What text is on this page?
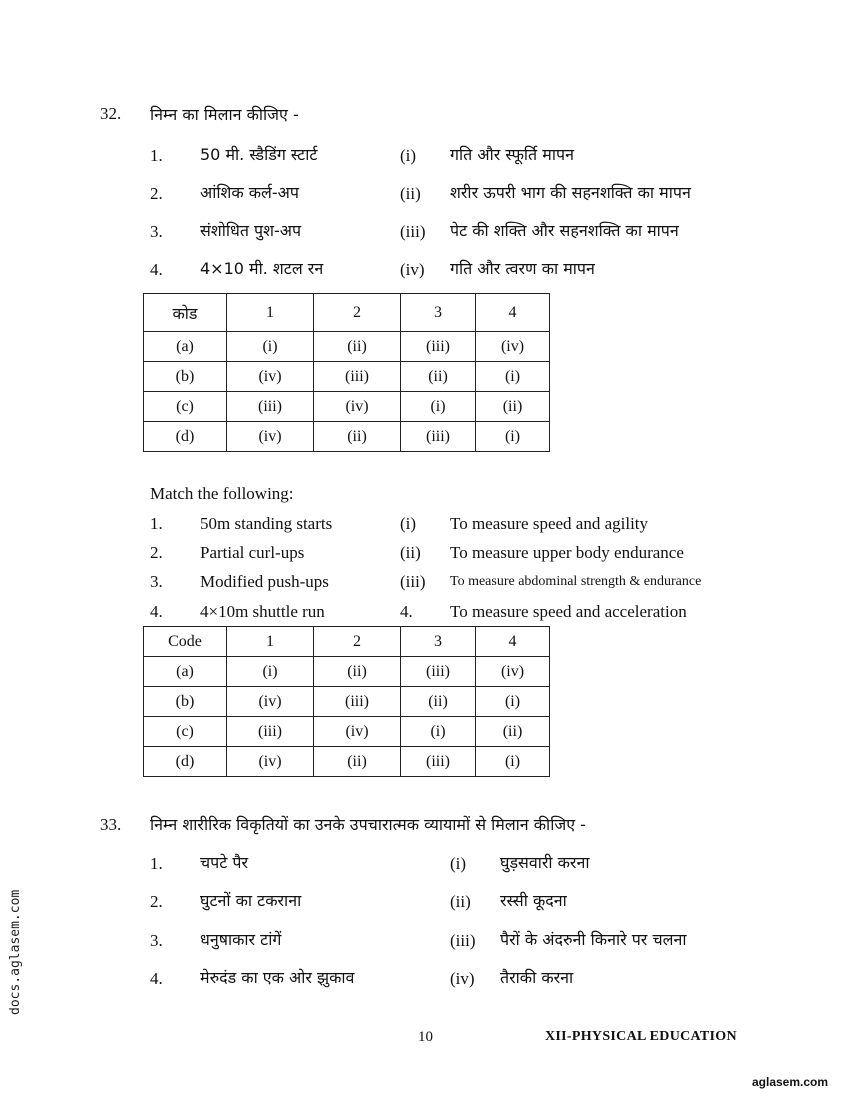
32. निम्न का मिलान कीजिए -
1. 50 मी. स्डैडिंग स्टार्ट	(i) गति और स्फूर्ति मापन
2. आंशिक कर्ल-अप	(ii) शरीर ऊपरी भाग की सहनशक्ति का मापन
3. संशोधित पुश-अप	(iii) पेट की शक्ति और सहनशक्ति का मापन
4. 4×10 मी. शटल रन	(iv) गति और त्वरण का मापन
कोड	1	2	3	4
(a)	(i)	(ii)	(iii)	(iv)
(b)	(iv)	(iii)	(ii)	(i)
(c)	(iii)	(iv)	(i)	(ii)
(d)	(iv)	(ii)	(iii)	(i)
Match the following:
1. 50m standing starts	(i) To measure speed and agility
2. Partial curl-ups	(ii) To measure upper body endurance
3. Modified push-ups	(iii) To measure abdominal strength & endurance
4. 4×10m shuttle run	4. To measure speed and acceleration
Code	1	2	3	4
(a)	(i)	(ii)	(iii)	(iv)
(b)	(iv)	(iii)	(ii)	(i)
(c)	(iii)	(iv)	(i)	(ii)
(d)	(iv)	(ii)	(iii)	(i)
33. निम्न शारीरिक विकृतियों का उनके उपचारात्मक व्यायामों से मिलान कीजिए -
1. चपटे पैर	(i) घुड़सवारी करना
2. घुटनों का टकराना	(ii) रस्सी कूदना
3. धनुषाकार टांगें	(iii) पैरों के अंदरुनी किनारे पर चलना
4. मेरुदंड का एक ओर झुकाव	(iv) तैराकी करना
10	XII-PHYSICAL EDUCATION
docs.aglasem.com
aglasem.com
